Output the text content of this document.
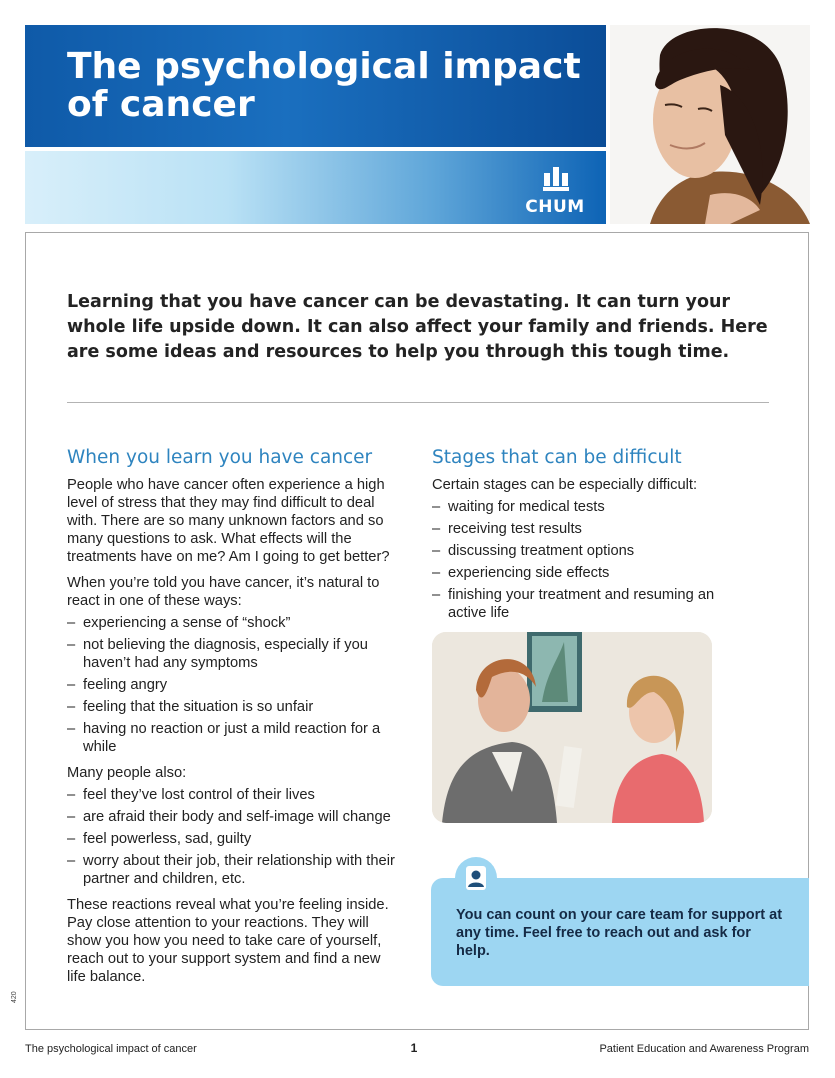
The psychological impact of cancer
CHUM

Learning that you have cancer can be devastating. It can turn your whole life upside down. It can also affect your family and friends. Here are some ideas and resources to help you through this tough time.

When you learn you have cancer

People who have cancer often experience a high level of stress that they may find difficult to deal with. There are so many unknown factors and so many questions to ask. What effects will the treatments have on me? Am I going to get better?

When you’re told you have cancer, it’s natural to react in one of these ways:

– experiencing a sense of “shock”
– not believing the diagnosis, especially if you haven’t had any symptoms
– feeling angry
– feeling that the situation is so unfair
– having no reaction or just a mild reaction for a while

Many people also:

– feel they’ve lost control of their lives
– are afraid their body and self-image will change
– feel powerless, sad, guilty
– worry about their job, their relationship with their partner and children, etc.

These reactions reveal what you’re feeling inside. Pay close attention to your reactions. They will show you how you need to take care of yourself, reach out to your support system and find a new life balance.

Stages that can be difficult

Certain stages can be especially difficult:

– waiting for medical tests
– receiving test results
– discussing treatment options
– experiencing side effects
– finishing your treatment and resuming an active life

You can count on your care team for support at any time. Feel free to reach out and ask for help.

The psychological impact of cancer	1	Patient Education and Awareness Program
420
